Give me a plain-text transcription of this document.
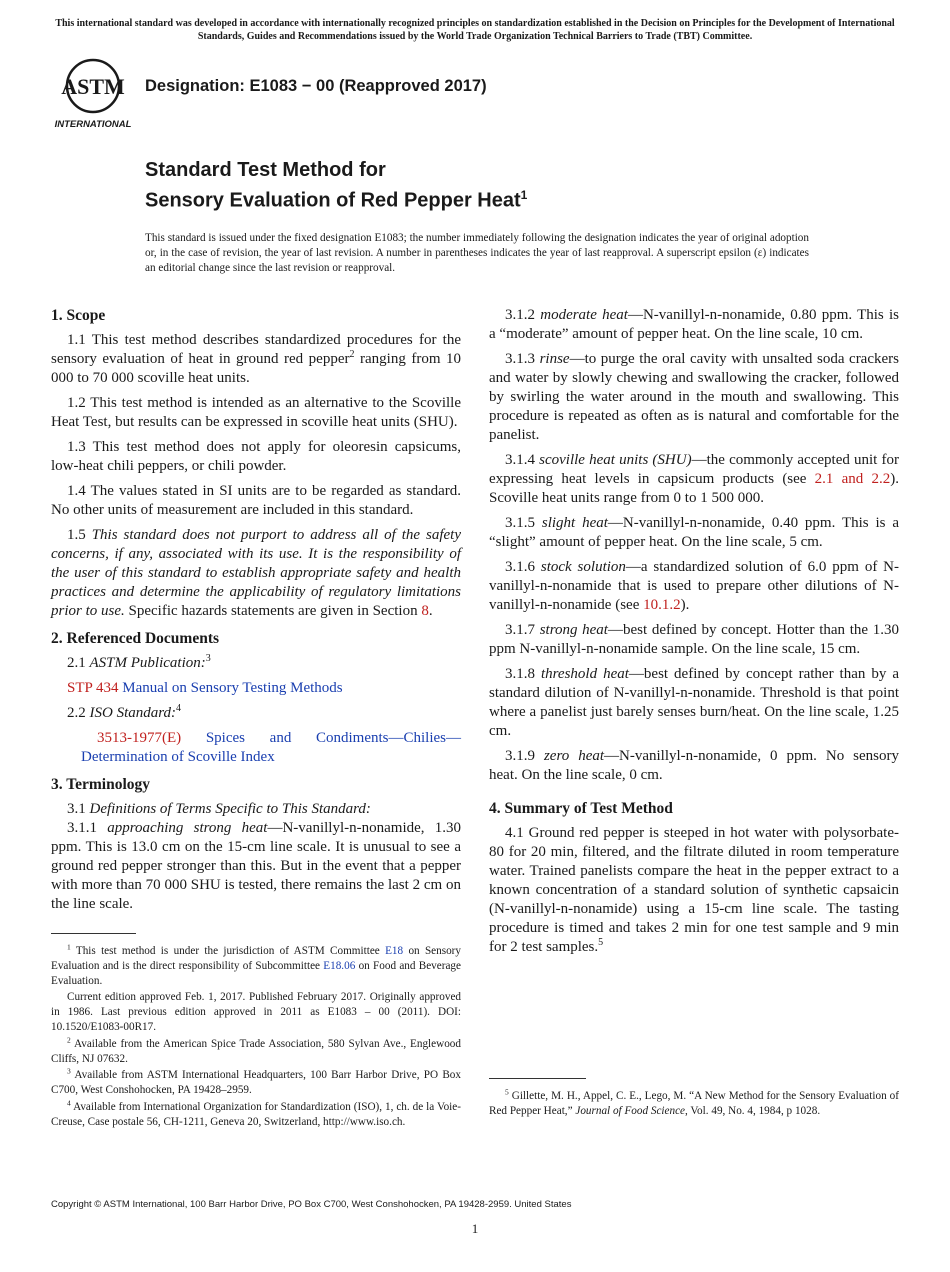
This international standard was developed in accordance with internationally recognized principles on standardization established in the Decision on Principles for the Development of International Standards, Guides and Recommendations issued by the World Trade Organization Technical Barriers to Trade (TBT) Committee.
ASTM
INTERNATIONAL
Designation: E1083 − 00 (Reapproved 2017)
Standard Test Method for
Sensory Evaluation of Red Pepper Heat$^1$
This standard is issued under the fixed designation E1083; the number immediately following the designation indicates the year of original adoption or, in the case of revision, the year of last revision. A number in parentheses indicates the year of last reapproval. A superscript epsilon (ε) indicates an editorial change since the last revision or reapproval.
1. Scope

1.1 This test method describes standardized procedures for the sensory evaluation of heat in ground red pepper$^2$ ranging from 10 000 to 70 000 scoville heat units.

1.2 This test method is intended as an alternative to the Scoville Heat Test, but results can be expressed in scoville heat units (SHU).

1.3 This test method does not apply for oleoresin capsicums, low-heat chili peppers, or chili powder.

1.4 The values stated in SI units are to be regarded as standard. No other units of measurement are included in this standard.

1.5 This standard does not purport to address all of the safety concerns, if any, associated with its use. It is the responsibility of the user of this standard to establish appropriate safety and health practices and determine the applicability of regulatory limitations prior to use. Specific hazards statements are given in Section 8.

2. Referenced Documents

2.1 ASTM Publication:$^3$

STP 434 Manual on Sensory Testing Methods

2.2 ISO Standard:$^4$

3513-1977(E) Spices and Condiments—Chilies—Determination of Scoville Index

3. Terminology

3.1 Definitions of Terms Specific to This Standard:

3.1.1 approaching strong heat—N-vanillyl-n-nonamide, 1.30 ppm. This is 13.0 cm on the 15-cm line scale. It is unusual to see a ground red pepper stronger than this. But in the event that a pepper with more than 70 000 SHU is tested, there remains the last 2 cm on the line scale.

$^1$ This test method is under the jurisdiction of ASTM Committee E18 on Sensory Evaluation and is the direct responsibility of Subcommittee E18.06 on Food and Beverage Evaluation.

Current edition approved Feb. 1, 2017. Published February 2017. Originally approved in 1986. Last previous edition approved in 2011 as E1083 – 00 (2011). DOI: 10.1520/E1083-00R17.

$^2$ Available from the American Spice Trade Association, 580 Sylvan Ave., Englewood Cliffs, NJ 07632.

$^3$ Available from ASTM International Headquarters, 100 Barr Harbor Drive, PO Box C700, West Conshohocken, PA 19428–2959.

$^4$ Available from International Organization for Standardization (ISO), 1, ch. de la Voie-Creuse, Case postale 56, CH-1211, Geneva 20, Switzerland, http://www.iso.ch.

3.1.2 moderate heat—N-vanillyl-n-nonamide, 0.80 ppm. This is a “moderate” amount of pepper heat. On the line scale, 10 cm.

3.1.3 rinse—to purge the oral cavity with unsalted soda crackers and water by slowly chewing and swallowing the cracker, followed by swirling the water around in the mouth and swallowing. This procedure is repeated as often as is natural and comfortable for the panelist.

3.1.4 scoville heat units (SHU)—the commonly accepted unit for expressing heat levels in capsicum products (see 2.1 and 2.2). Scoville heat units range from 0 to 1 500 000.

3.1.5 slight heat—N-vanillyl-n-nonamide, 0.40 ppm. This is a “slight” amount of pepper heat. On the line scale, 5 cm.

3.1.6 stock solution—a standardized solution of 6.0 ppm of N-vanillyl-n-nonamide that is used to prepare other dilutions of N-vanillyl-n-nonamide (see 10.1.2).

3.1.7 strong heat—best defined by concept. Hotter than the 1.30 ppm N-vanillyl-n-nonamide sample. On the line scale, 15 cm.

3.1.8 threshold heat—best defined by concept rather than by a standard dilution of N-vanillyl-n-nonamide. Threshold is that point where a panelist just barely senses burn/heat. On the line scale, 1.25 cm.

3.1.9 zero heat—N-vanillyl-n-nonamide, 0 ppm. No sensory heat. On the line scale, 0 cm.

4. Summary of Test Method

4.1 Ground red pepper is steeped in hot water with polysorbate-80 for 20 min, filtered, and the filtrate diluted in room temperature water. Trained panelists compare the heat in the pepper extract to a known concentration of a standard solution of synthetic capsaicin (N-vanillyl-n-nonamide) using a 15-cm line scale. The tasting procedure is timed and takes 2 min for one test sample and 9 min for 2 test samples.$^5$

$^5$ Gillette, M. H., Appel, C. E., Lego, M. “A New Method for the Sensory Evaluation of Red Pepper Heat,” Journal of Food Science, Vol. 49, No. 4, 1984, p 1028.

Copyright © ASTM International, 100 Barr Harbor Drive, PO Box C700, West Conshohocken, PA 19428-2959. United States
1
